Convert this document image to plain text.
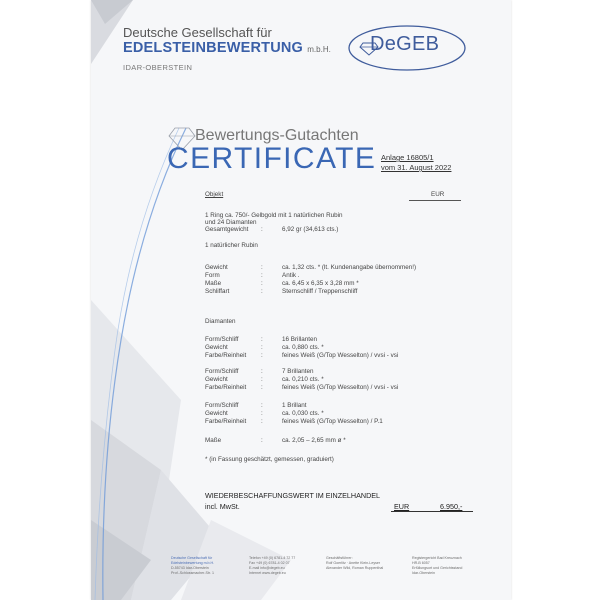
Deutsche Gesellschaft für
EDELSTEINBEWERTUNG m.b.H.
IDAR-OBERSTEIN
DeGEB
Bewertungs-Gutachten
CERTIFICATE Anlage 16805/1
vom 31. August 2022
Objekt	EUR
1 Ring ca. 750/- Gelbgold mit 1 natürlichen Rubin
und 24 Diamanten
Gesamtgewicht :	6,92 gr (34,613 cts.)
1 natürlicher Rubin
Gewicht	:	ca. 1,32 cts. * (lt. Kundenangabe übernommen!)
Form	:	Antik .
Maße	:	ca. 6,45 x 6,35 x 3,28 mm *
Schliffart	:	Sternschliff / Treppenschliff
Diamanten
Form/Schliff	:	16 Brillanten
Gewicht	:	ca. 0,880 cts. *
Farbe/Reinheit :	feines Weiß (G/Top Wesselton) / vvsi - vsi
Form/Schliff	:	7 Brillanten
Gewicht	:	ca. 0,210 cts. *
Farbe/Reinheit :	feines Weiß (G/Top Wesselton) / vvsi - vsi
Form/Schliff	:	1 Brillant
Gewicht	:	ca. 0,030 cts. *
Farbe/Reinheit :	feines Weiß (G/Top Wesselton) / P.1
Maße	:	ca. 2,05 – 2,65 mm ø *
* (in Fassung geschätzt, gemessen, graduiert)
WIEDERBESCHAFFUNGSWERT IM EINZELHANDEL
incl. MwSt.	EUR	6.950,-
Deutsche Gesellschaft für
Edelsteinbewertung m.b.H.
D-55743 Idar-Oberstein
Prof.-Schlossmacher-Str. 1
Telefon +49 (0) 6781-4 72 77
Fax +49 (0) 6781-4 02 07
E-mail info@degeb.eu
Internet www.degeb.eu
Geschäftsführer:
Rolf Goerlitz · Anette Klein-Leyser
Alexander Wild, Roman Ruppenthal
Registergericht Bad Kreuznach
HR-B 6057
Erfüllungsort und Gerichtsstand
Idar-Oberstein
